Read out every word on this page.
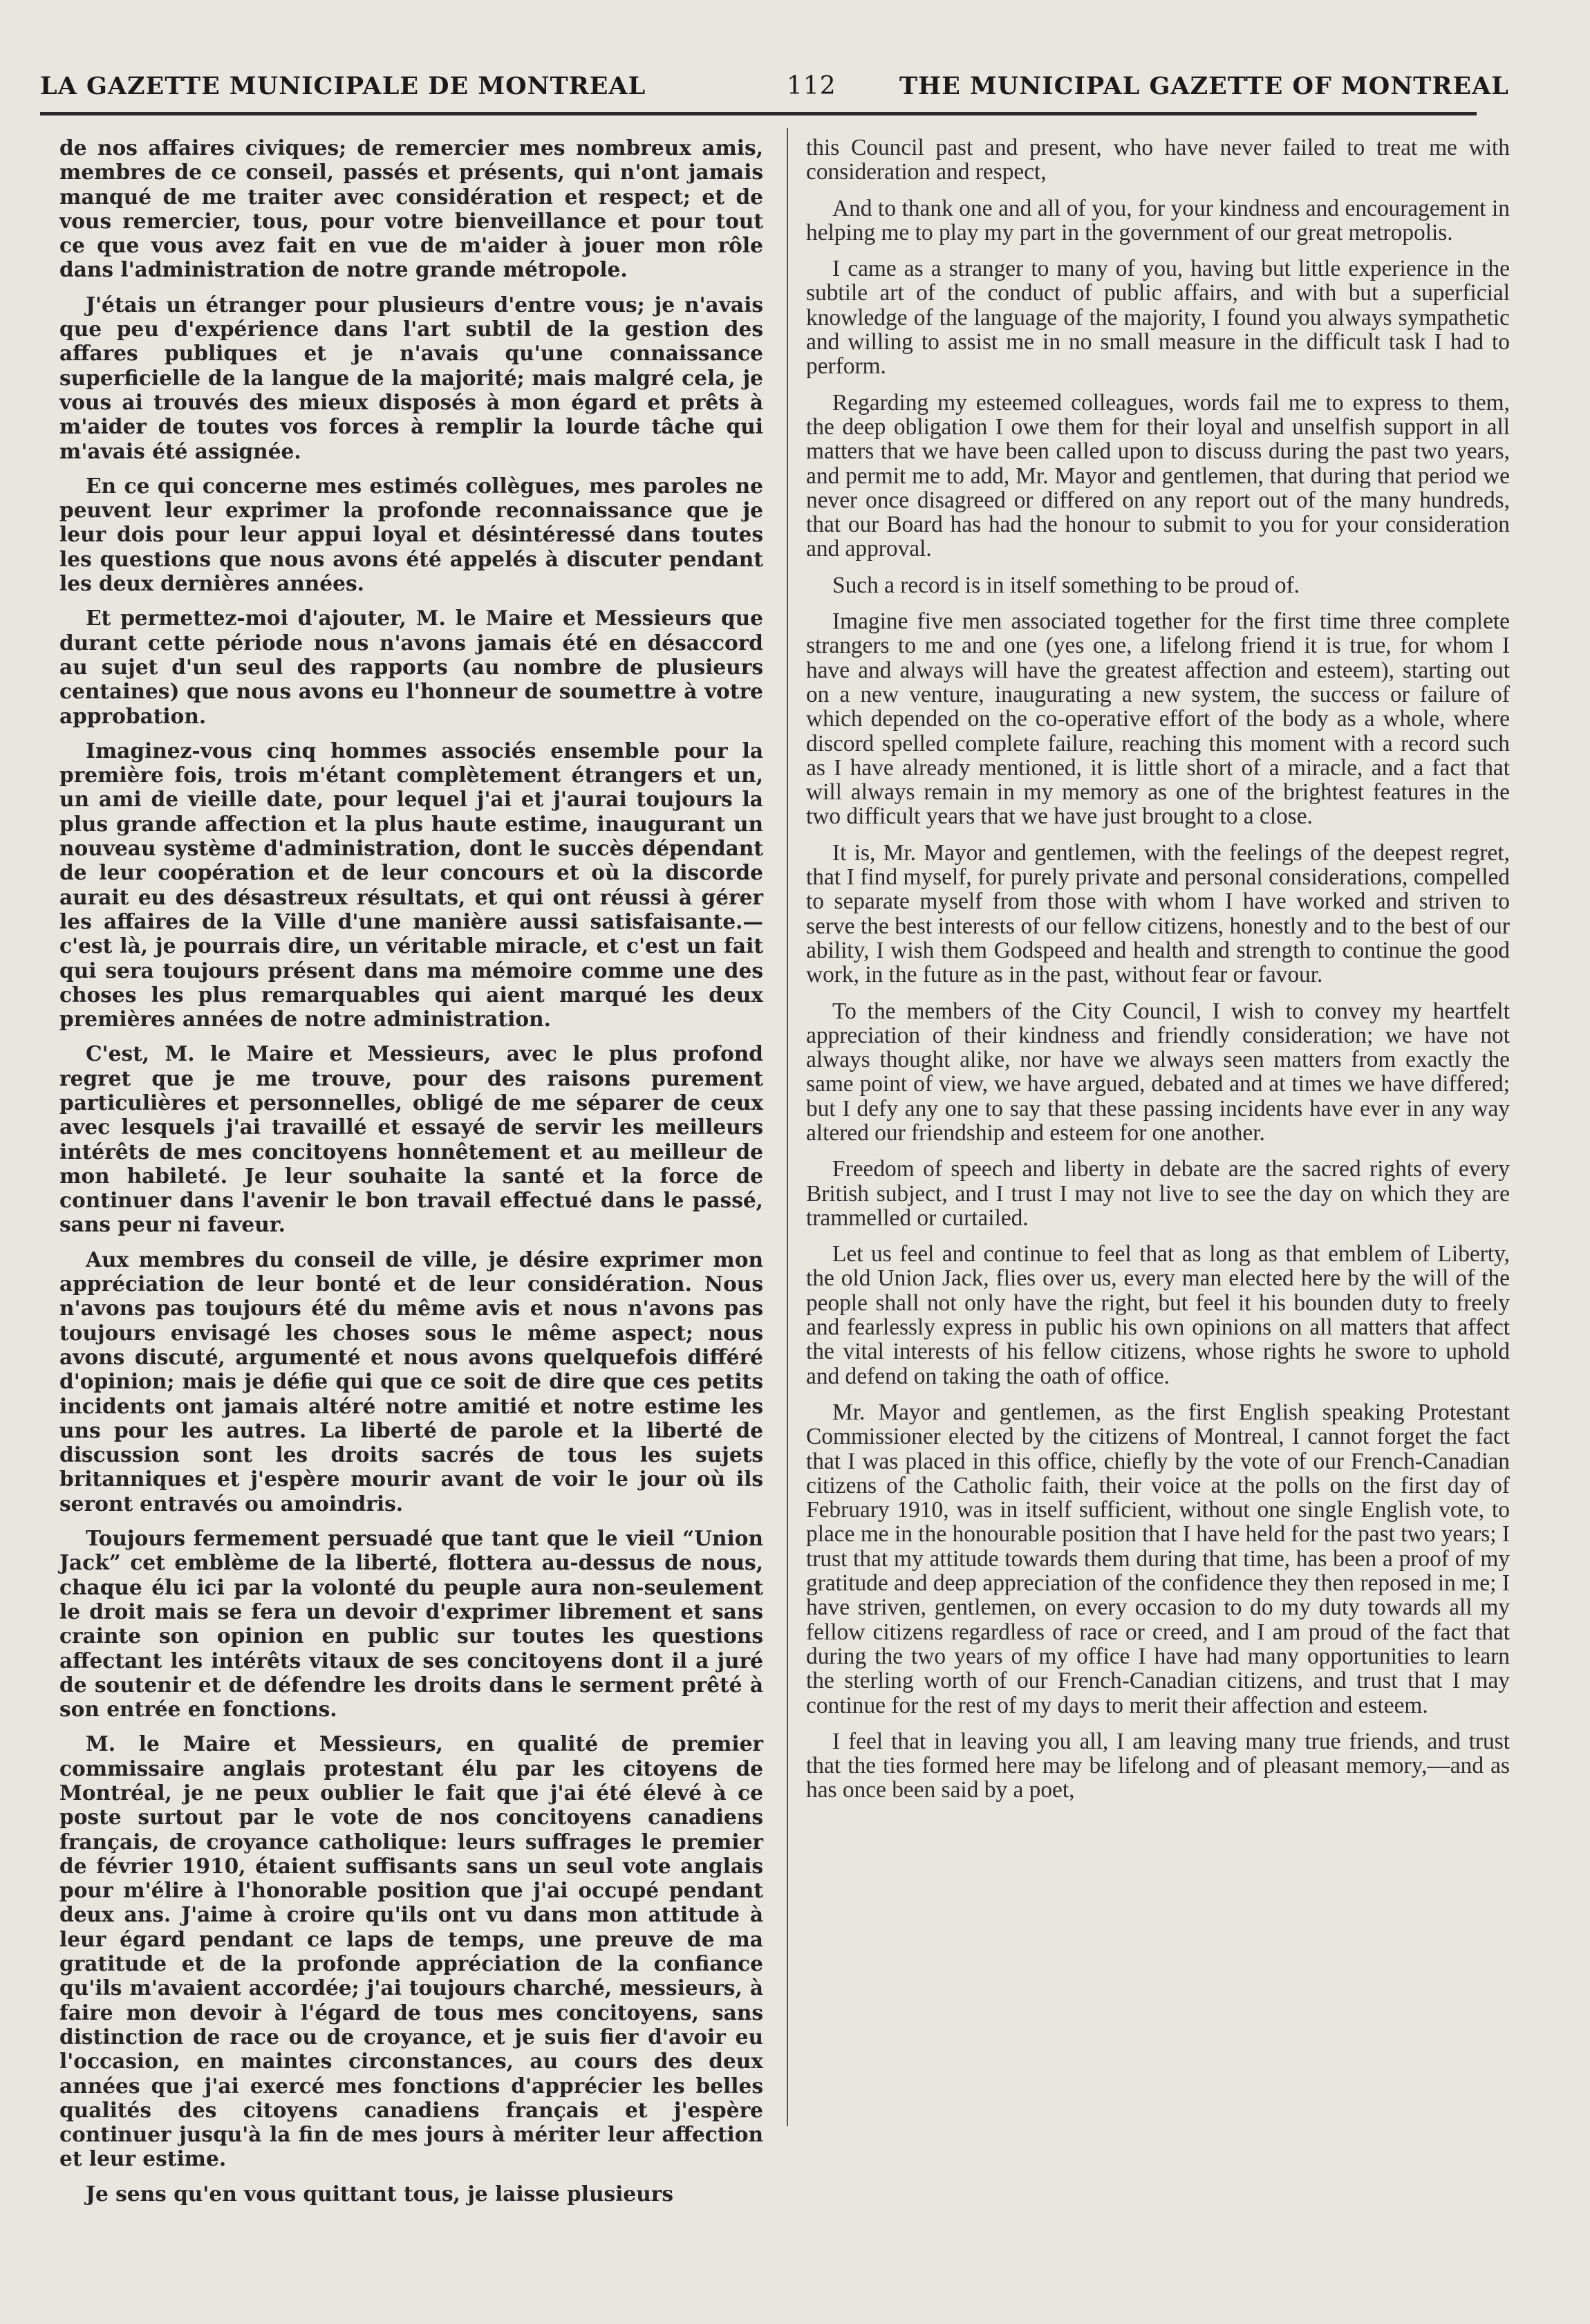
LA GAZETTE MUNICIPALE DE MONTREAL	112	THE MUNICIPAL GAZETTE OF MONTREAL

de nos affaires civiques; de remercier mes nombreux amis, membres de ce conseil, passés et présents, qui n'ont jamais manqué de me traiter avec considération et respect; et de vous remercier, tous, pour votre bienveillance et pour tout ce que vous avez fait en vue de m'aider à jouer mon rôle dans l'administration de notre grande métropole.

J'étais un étranger pour plusieurs d'entre vous; je n'avais que peu d'expérience dans l'art subtil de la gestion des affares publiques et je n'avais qu'une connaissance superficielle de la langue de la majorité; mais malgré cela, je vous ai trouvés des mieux disposés à mon égard et prêts à m'aider de toutes vos forces à remplir la lourde tâche qui m'avais été assignée.

En ce qui concerne mes estimés collègues, mes paroles ne peuvent leur exprimer la profonde reconnaissance que je leur dois pour leur appui loyal et désintéressé dans toutes les questions que nous avons été appelés à discuter pendant les deux dernières années.

Et permettez-moi d'ajouter, M. le Maire et Messieurs que durant cette période nous n'avons jamais été en désaccord au sujet d'un seul des rapports (au nombre de plusieurs centaines) que nous avons eu l'honneur de soumettre à votre approbation.

Imaginez-vous cinq hommes associés ensemble pour la première fois, trois m'étant complètement étrangers et un, un ami de vieille date, pour lequel j'ai et j'aurai toujours la plus grande affection et la plus haute estime, inaugurant un nouveau système d'administration, dont le succès dépendant de leur coopération et de leur concours et où la discorde aurait eu des désastreux résultats, et qui ont réussi à gérer les affaires de la Ville d'une manière aussi satisfaisante.—c'est là, je pourrais dire, un véritable miracle, et c'est un fait qui sera toujours présent dans ma mémoire comme une des choses les plus remarquables qui aient marqué les deux premières années de notre administration.

C'est, M. le Maire et Messieurs, avec le plus profond regret que je me trouve, pour des raisons purement particulières et personnelles, obligé de me séparer de ceux avec lesquels j'ai travaillé et essayé de servir les meilleurs intérêts de mes concitoyens honnêtement et au meilleur de mon habileté. Je leur souhaite la santé et la force de continuer dans l'avenir le bon travail effectué dans le passé, sans peur ni faveur.

Aux membres du conseil de ville, je désire exprimer mon appréciation de leur bonté et de leur considération. Nous n'avons pas toujours été du même avis et nous n'avons pas toujours envisagé les choses sous le même aspect; nous avons discuté, argumenté et nous avons quelquefois différé d'opinion; mais je défie qui que ce soit de dire que ces petits incidents ont jamais altéré notre amitié et notre estime les uns pour les autres. La liberté de parole et la liberté de discussion sont les droits sacrés de tous les sujets britanniques et j'espère mourir avant de voir le jour où ils seront entravés ou amoindris.

Toujours fermement persuadé que tant que le vieil “Union Jack” cet emblème de la liberté, flottera au-dessus de nous, chaque élu ici par la volonté du peuple aura non-seulement le droit mais se fera un devoir d'exprimer librement et sans crainte son opinion en public sur toutes les questions affectant les intérêts vitaux de ses concitoyens dont il a juré de soutenir et de défendre les droits dans le serment prêté à son entrée en fonctions.

M. le Maire et Messieurs, en qualité de premier commissaire anglais protestant élu par les citoyens de Montréal, je ne peux oublier le fait que j'ai été élevé à ce poste surtout par le vote de nos concitoyens canadiens français, de croyance catholique: leurs suffrages le premier de février 1910, étaient suffisants sans un seul vote anglais pour m'élire à l'honorable position que j'ai occupé pendant deux ans. J'aime à croire qu'ils ont vu dans mon attitude à leur égard pendant ce laps de temps, une preuve de ma gratitude et de la profonde appréciation de la confiance qu'ils m'avaient accordée; j'ai toujours charché, messieurs, à faire mon devoir à l'égard de tous mes concitoyens, sans distinction de race ou de croyance, et je suis fier d'avoir eu l'occasion, en maintes circonstances, au cours des deux années que j'ai exercé mes fonctions d'apprécier les belles qualités des citoyens canadiens français et j'espère continuer jusqu'à la fin de mes jours à mériter leur affection et leur estime.

Je sens qu'en vous quittant tous, je laisse plusieurs

this Council past and present, who have never failed to treat me with consideration and respect,

And to thank one and all of you, for your kindness and encouragement in helping me to play my part in the government of our great metropolis.

I came as a stranger to many of you, having but little experience in the subtile art of the conduct of public affairs, and with but a superficial knowledge of the language of the majority, I found you always sympathetic and willing to assist me in no small measure in the difficult task I had to perform.

Regarding my esteemed colleagues, words fail me to express to them, the deep obligation I owe them for their loyal and unselfish support in all matters that we have been called upon to discuss during the past two years, and permit me to add, Mr. Mayor and gentlemen, that during that period we never once disagreed or differed on any report out of the many hundreds, that our Board has had the honour to submit to you for your consideration and approval.

Such a record is in itself something to be proud of.

Imagine five men associated together for the first time three complete strangers to me and one (yes one, a lifelong friend it is true, for whom I have and always will have the greatest affection and esteem), starting out on a new venture, inaugurating a new system, the success or failure of which depended on the co-operative effort of the body as a whole, where discord spelled complete failure, reaching this moment with a record such as I have already mentioned, it is little short of a miracle, and a fact that will always remain in my memory as one of the brightest features in the two difficult years that we have just brought to a close.

It is, Mr. Mayor and gentlemen, with the feelings of the deepest regret, that I find myself, for purely private and personal considerations, compelled to separate myself from those with whom I have worked and striven to serve the best interests of our fellow citizens, honestly and to the best of our ability, I wish them Godspeed and health and strength to continue the good work, in the future as in the past, without fear or favour.

To the members of the City Council, I wish to convey my heartfelt appreciation of their kindness and friendly consideration; we have not always thought alike, nor have we always seen matters from exactly the same point of view, we have argued, debated and at times we have differed; but I defy any one to say that these passing incidents have ever in any way altered our friendship and esteem for one another.

Freedom of speech and liberty in debate are the sacred rights of every British subject, and I trust I may not live to see the day on which they are trammelled or curtailed.

Let us feel and continue to feel that as long as that emblem of Liberty, the old Union Jack, flies over us, every man elected here by the will of the people shall not only have the right, but feel it his bounden duty to freely and fearlessly express in public his own opinions on all matters that affect the vital interests of his fellow citizens, whose rights he swore to uphold and defend on taking the oath of office.

Mr. Mayor and gentlemen, as the first English speaking Protestant Commissioner elected by the citizens of Montreal, I cannot forget the fact that I was placed in this office, chiefly by the vote of our French-Canadian citizens of the Catholic faith, their voice at the polls on the first day of February 1910, was in itself sufficient, without one single English vote, to place me in the honourable position that I have held for the past two years; I trust that my attitude towards them during that time, has been a proof of my gratitude and deep appreciation of the confidence they then reposed in me; I have striven, gentlemen, on every occasion to do my duty towards all my fellow citizens regardless of race or creed, and I am proud of the fact that during the two years of my office I have had many opportunities to learn the sterling worth of our French-Canadian citizens, and trust that I may continue for the rest of my days to merit their affection and esteem.

I feel that in leaving you all, I am leaving many true friends, and trust that the ties formed here may be lifelong and of pleasant memory,—and as has once been said by a poet,
